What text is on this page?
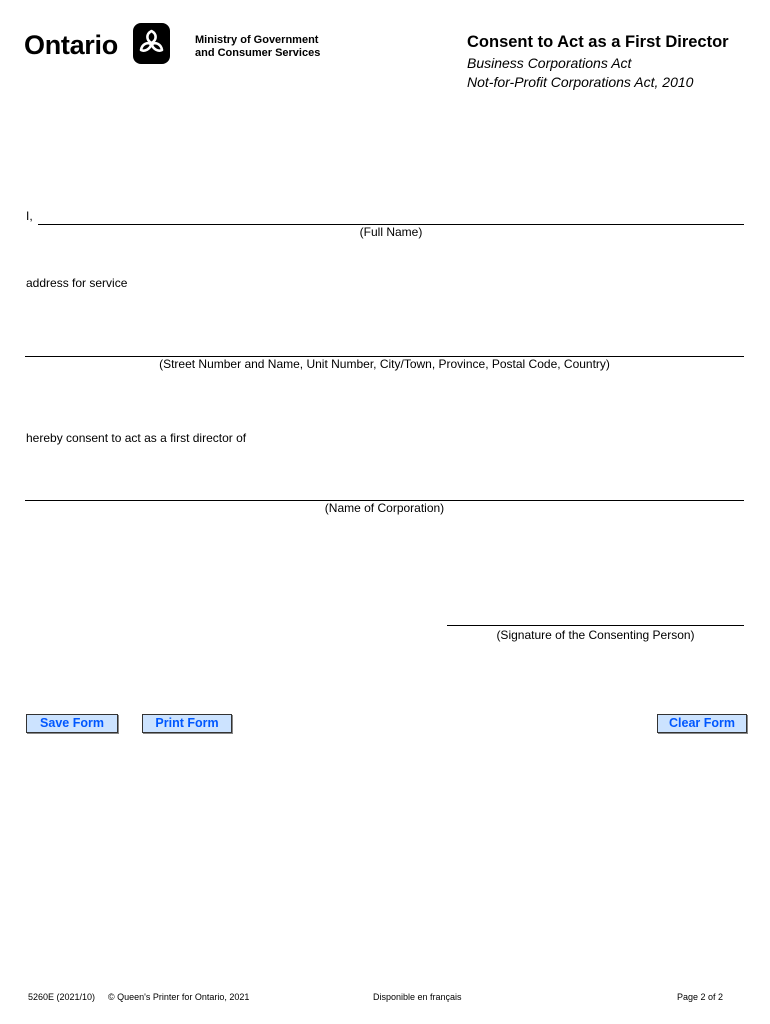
Ontario	Ministry of Government
and Consumer Services
Consent to Act as a First Director
Business Corporations Act
Not-for-Profit Corporations Act, 2010
I,
(Full Name)
address for service
(Street Number and Name, Unit Number, City/Town, Province, Postal Code, Country)
hereby consent to act as a first director of
(Name of Corporation)
(Signature of the Consenting Person)
Save Form	Print Form	Clear Form
5260E (2021/10) © Queen's Printer for Ontario, 2021	Disponible en français	Page 2 of 2
